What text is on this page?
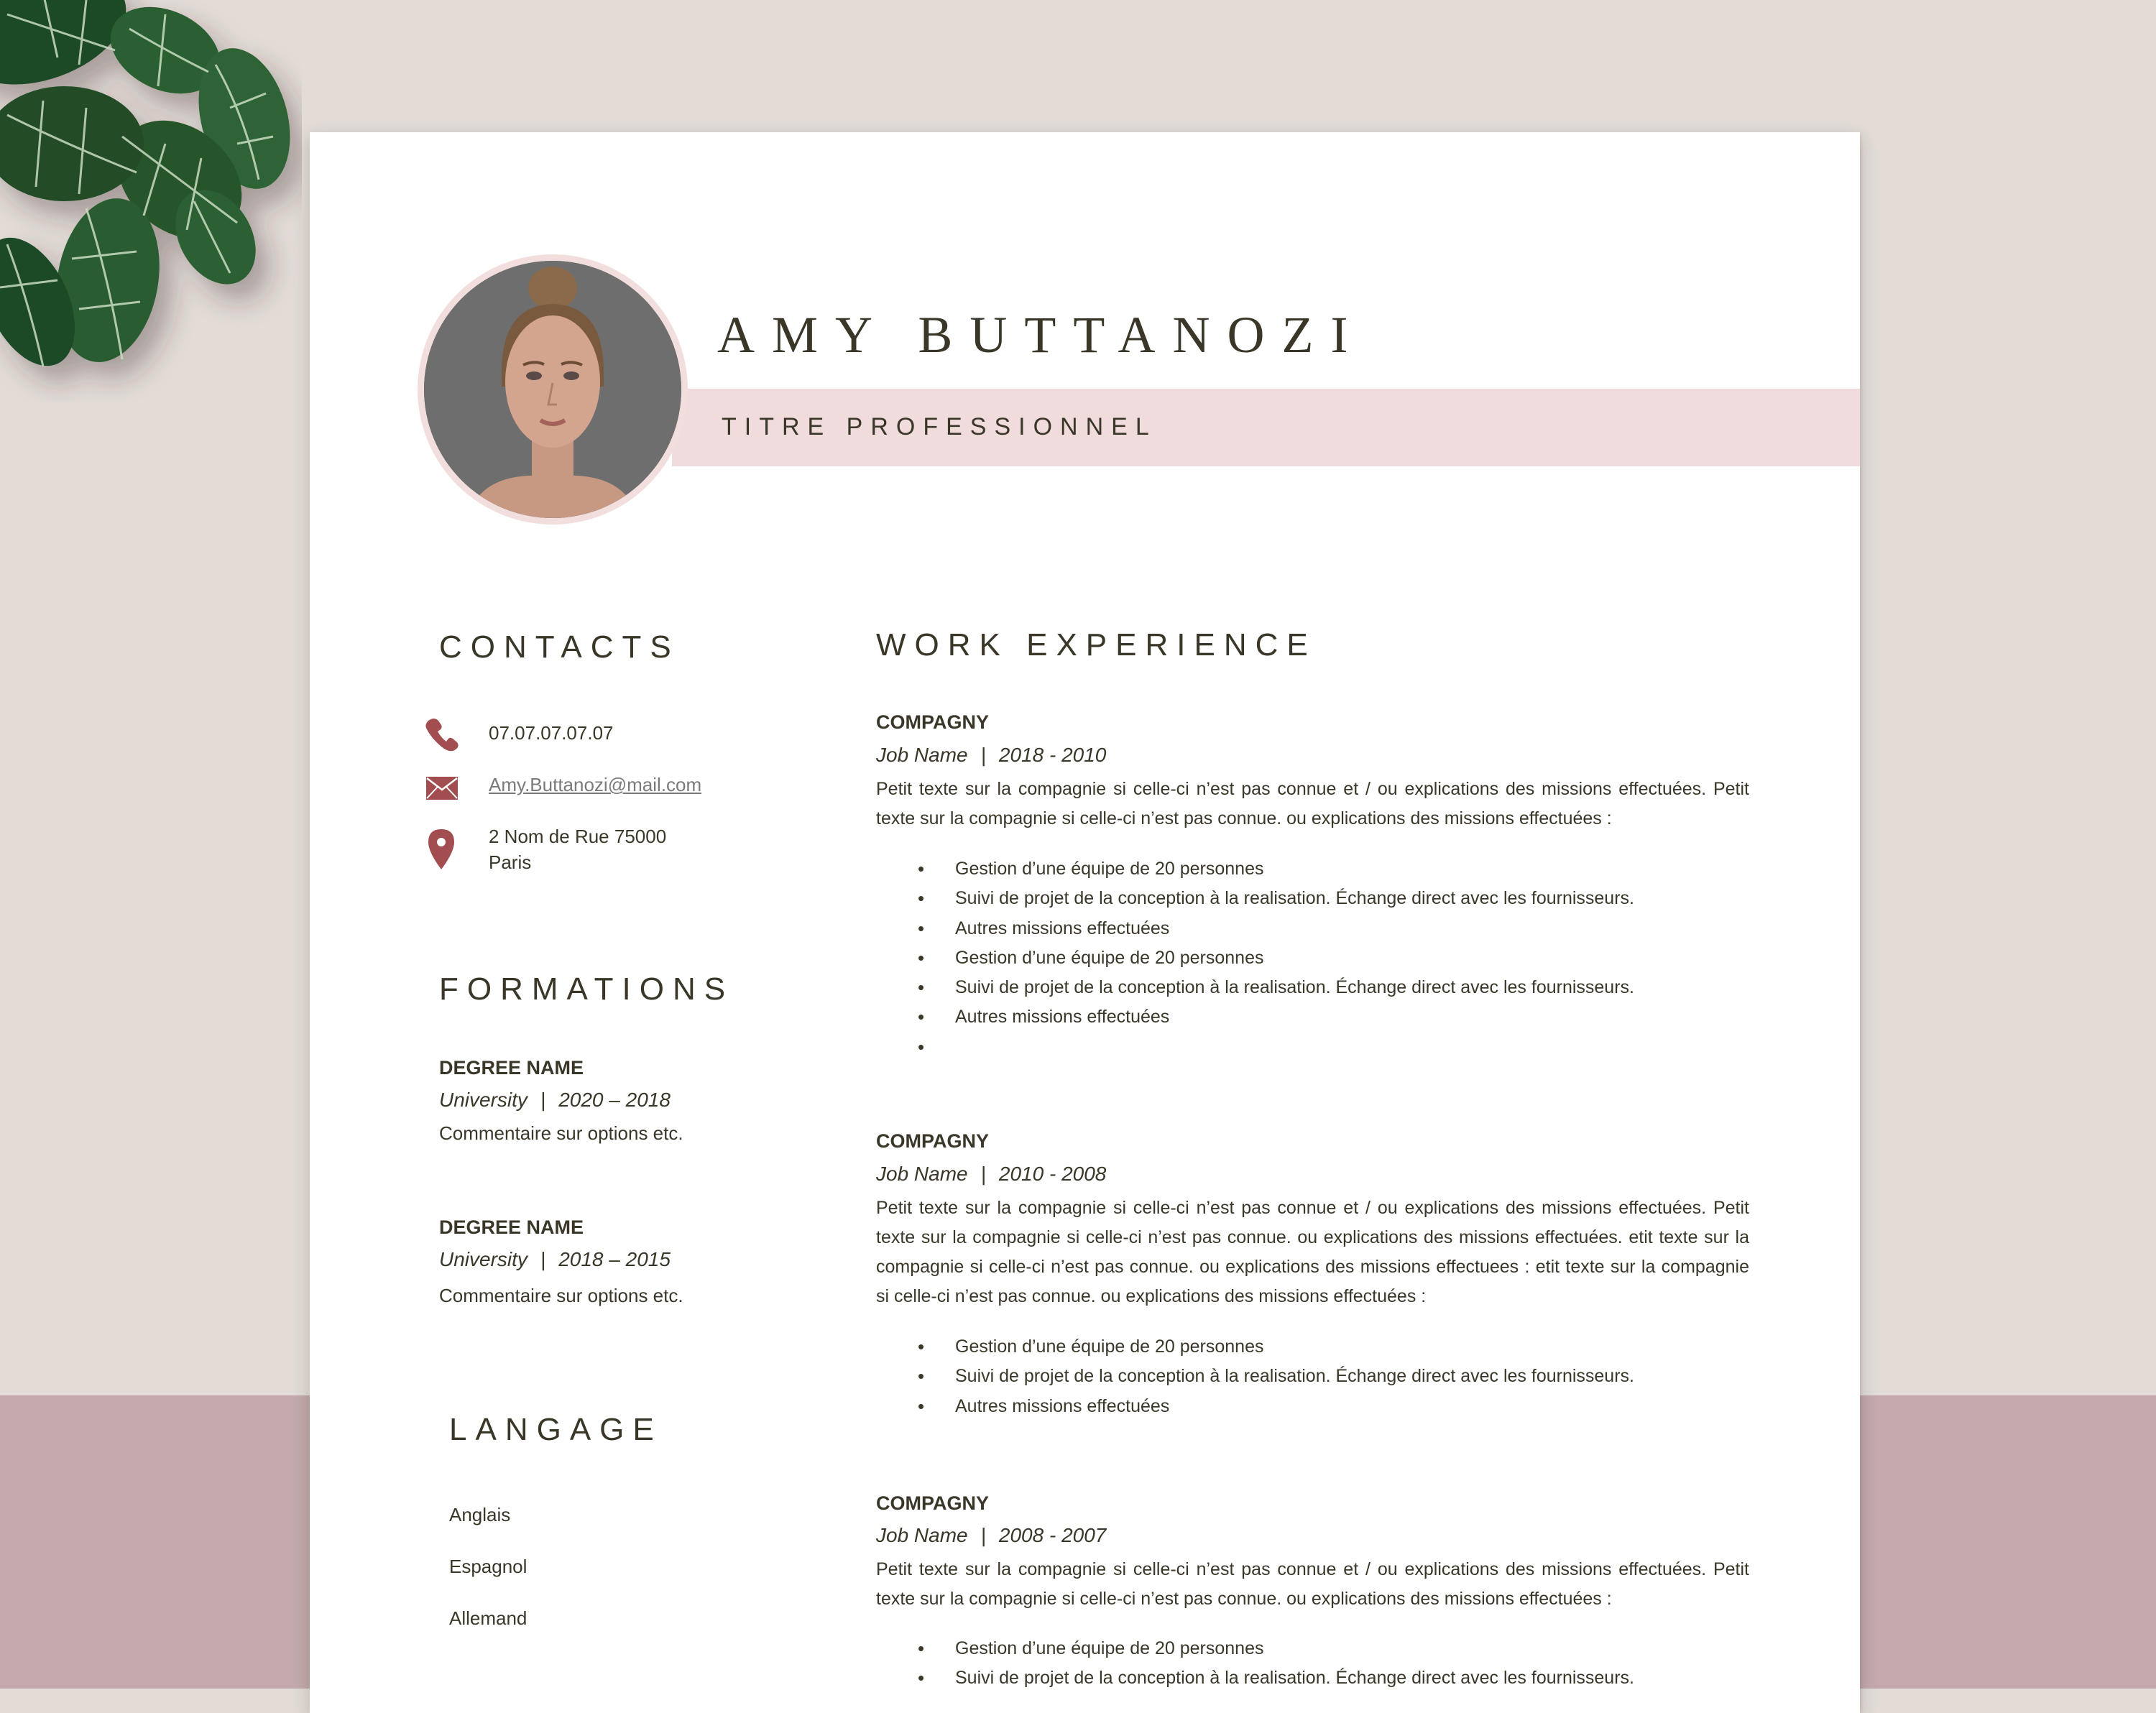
AMY BUTTANOZI
TITRE PROFESSIONNEL
CONTACTS
07.07.07.07.07
Amy.Buttanozi@mail.com
2 Nom de Rue 75000
Paris
FORMATIONS
DEGREE NAME
University | 2020 – 2018
Commentaire sur options etc.
DEGREE NAME
University | 2018 – 2015
Commentaire sur options etc.
LANGAGE
Anglais
Espagnol
Allemand
WORK EXPERIENCE
COMPAGNY
Job Name | 2018 - 2010

Petit texte sur la compagnie si celle-ci n’est pas connue et / ou explications des missions effectuées. Petit texte sur la compagnie si celle-ci n’est pas connue. ou explications des missions effectuées :

• Gestion d’une équipe de 20 personnes
• Suivi de projet de la conception à la realisation. Échange direct avec les fournisseurs.
• Autres missions effectuées
• Gestion d’une équipe de 20 personnes
• Suivi de projet de la conception à la realisation. Échange direct avec les fournisseurs.
• Autres missions effectuées
•
COMPAGNY
Job Name | 2010 - 2008

Petit texte sur la compagnie si celle-ci n’est pas connue et / ou explications des missions effectuées. Petit texte sur la compagnie si celle-ci n’est pas connue. ou explications des missions effectuées. etit texte sur la compagnie si celle-ci n’est pas connue. ou explications des missions effectuees : etit texte sur la compagnie si celle-ci n’est pas connue. ou explications des missions effectuées :

• Gestion d’une équipe de 20 personnes
• Suivi de projet de la conception à la realisation. Échange direct avec les fournisseurs.
• Autres missions effectuées
COMPAGNY
Job Name | 2008 - 2007

Petit texte sur la compagnie si celle-ci n’est pas connue et / ou explications des missions effectuées. Petit texte sur la compagnie si celle-ci n’est pas connue. ou explications des missions effectuées :

• Gestion d’une équipe de 20 personnes
• Suivi de projet de la conception à la realisation. Échange direct avec les fournisseurs.
